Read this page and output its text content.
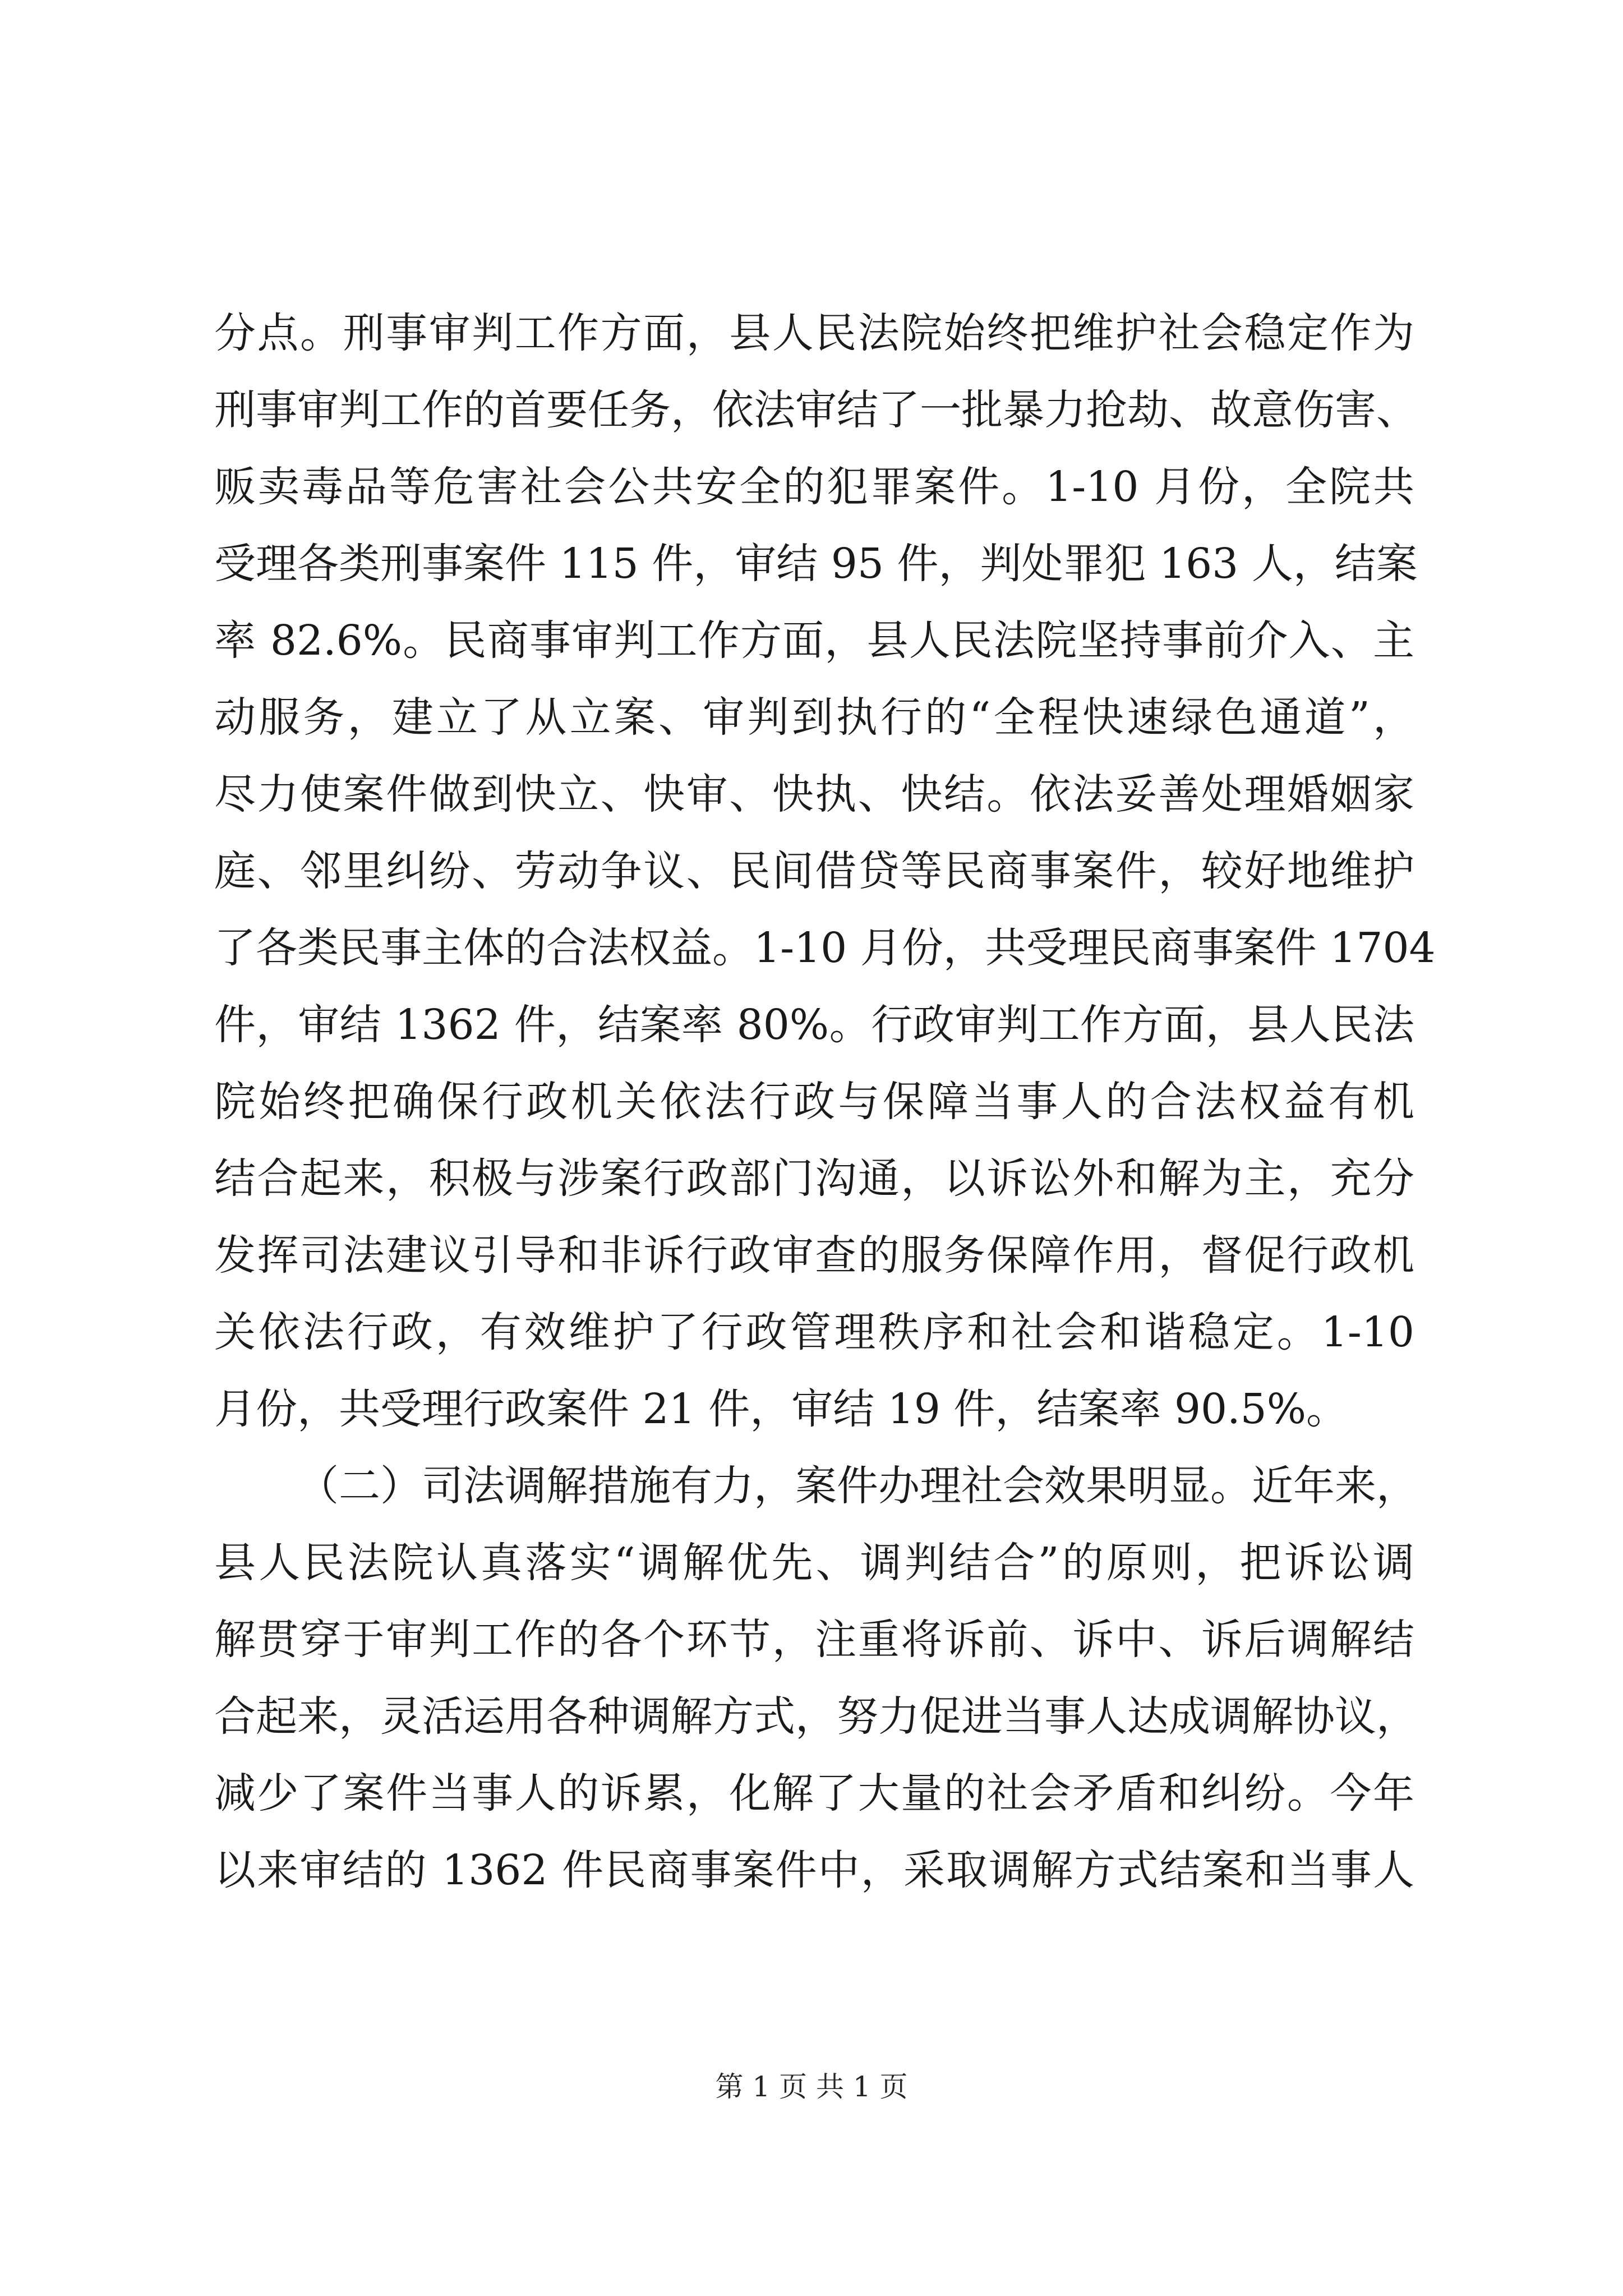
分点。刑事审判工作方面，县人民法院始终把维护社会稳定作为
刑事审判工作的首要任务，依法审结了一批暴力抢劫、故意伤害、
贩卖毒品等危害社会公共安全的犯罪案件。1-10 月份，全院共
受理各类刑事案件 115 件，审结 95 件，判处罪犯 163 人，结案
率 82.6%。民商事审判工作方面，县人民法院坚持事前介入、主
动服务，建立了从立案、审判到执行的“全程快速绿色通道”，
尽力使案件做到快立、快审、快执、快结。依法妥善处理婚姻家
庭、邻里纠纷、劳动争议、民间借贷等民商事案件，较好地维护
了各类民事主体的合法权益。1-10 月份，共受理民商事案件 1704
件，审结 1362 件，结案率 80%。行政审判工作方面，县人民法
院始终把确保行政机关依法行政与保障当事人的合法权益有机
结合起来，积极与涉案行政部门沟通，以诉讼外和解为主，充分
发挥司法建议引导和非诉行政审查的服务保障作用，督促行政机
关依法行政，有效维护了行政管理秩序和社会和谐稳定。1-10
月份，共受理行政案件 21 件，审结 19 件，结案率 90.5%。
（二）司法调解措施有力，案件办理社会效果明显。近年来，
县人民法院认真落实“调解优先、调判结合”的原则，把诉讼调
解贯穿于审判工作的各个环节，注重将诉前、诉中、诉后调解结
合起来，灵活运用各种调解方式，努力促进当事人达成调解协议，
减少了案件当事人的诉累，化解了大量的社会矛盾和纠纷。今年
以来审结的 1362 件民商事案件中，采取调解方式结案和当事人
第 1 页 共 1 页
